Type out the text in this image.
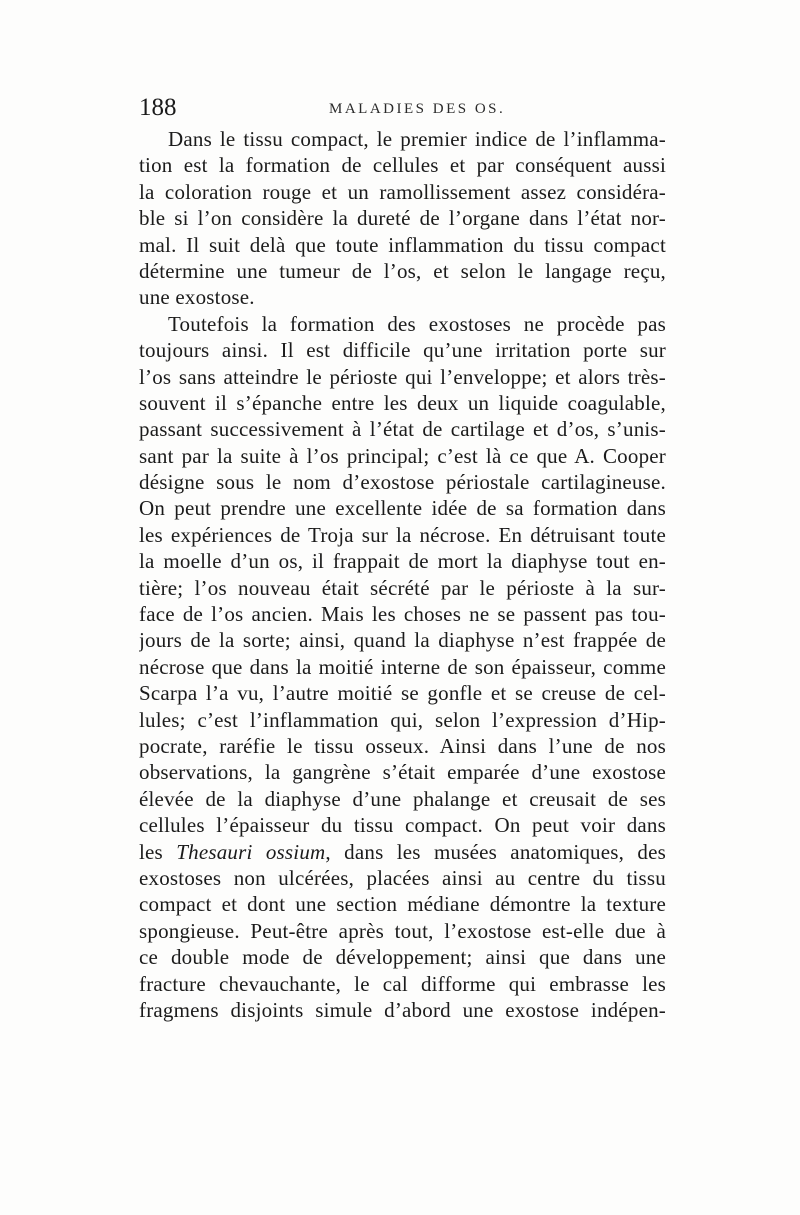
188	MALADIES DES OS.
Dans le tissu compact, le premier indice de l’inflamma-
tion est la formation de cellules et par conséquent aussi
la coloration rouge et un ramollissement assez considéra-
ble si l’on considère la dureté de l’organe dans l’état nor-
mal. Il suit delà que toute inflammation du tissu compact
détermine une tumeur de l’os, et selon le langage reçu,
une exostose.
Toutefois la formation des exostoses ne procède pas
toujours ainsi. Il est difficile qu’une irritation porte sur
l’os sans atteindre le périoste qui l’enveloppe; et alors très-
souvent il s’épanche entre les deux un liquide coagulable,
passant successivement à l’état de cartilage et d’os, s’unis-
sant par la suite à l’os principal; c’est là ce que A. Cooper
désigne sous le nom d’exostose périostale cartilagineuse.
On peut prendre une excellente idée de sa formation dans
les expériences de Troja sur la nécrose. En détruisant toute
la moelle d’un os, il frappait de mort la diaphyse tout en-
tière; l’os nouveau était sécrété par le périoste à la sur-
face de l’os ancien. Mais les choses ne se passent pas tou-
jours de la sorte; ainsi, quand la diaphyse n’est frappée de
nécrose que dans la moitié interne de son épaisseur, comme
Scarpa l’a vu, l’autre moitié se gonfle et se creuse de cel-
lules; c’est l’inflammation qui, selon l’expression d’Hip-
pocrate, raréfie le tissu osseux. Ainsi dans l’une de nos
observations, la gangrène s’était emparée d’une exostose
élevée de la diaphyse d’une phalange et creusait de ses
cellules l’épaisseur du tissu compact. On peut voir dans
les Thesauri ossium, dans les musées anatomiques, des
exostoses non ulcérées, placées ainsi au centre du tissu
compact et dont une section médiane démontre la texture
spongieuse. Peut-être après tout, l’exostose est-elle due à
ce double mode de développement; ainsi que dans une
fracture chevauchante, le cal difforme qui embrasse les
fragmens disjoints simule d’abord une exostose indépen-
